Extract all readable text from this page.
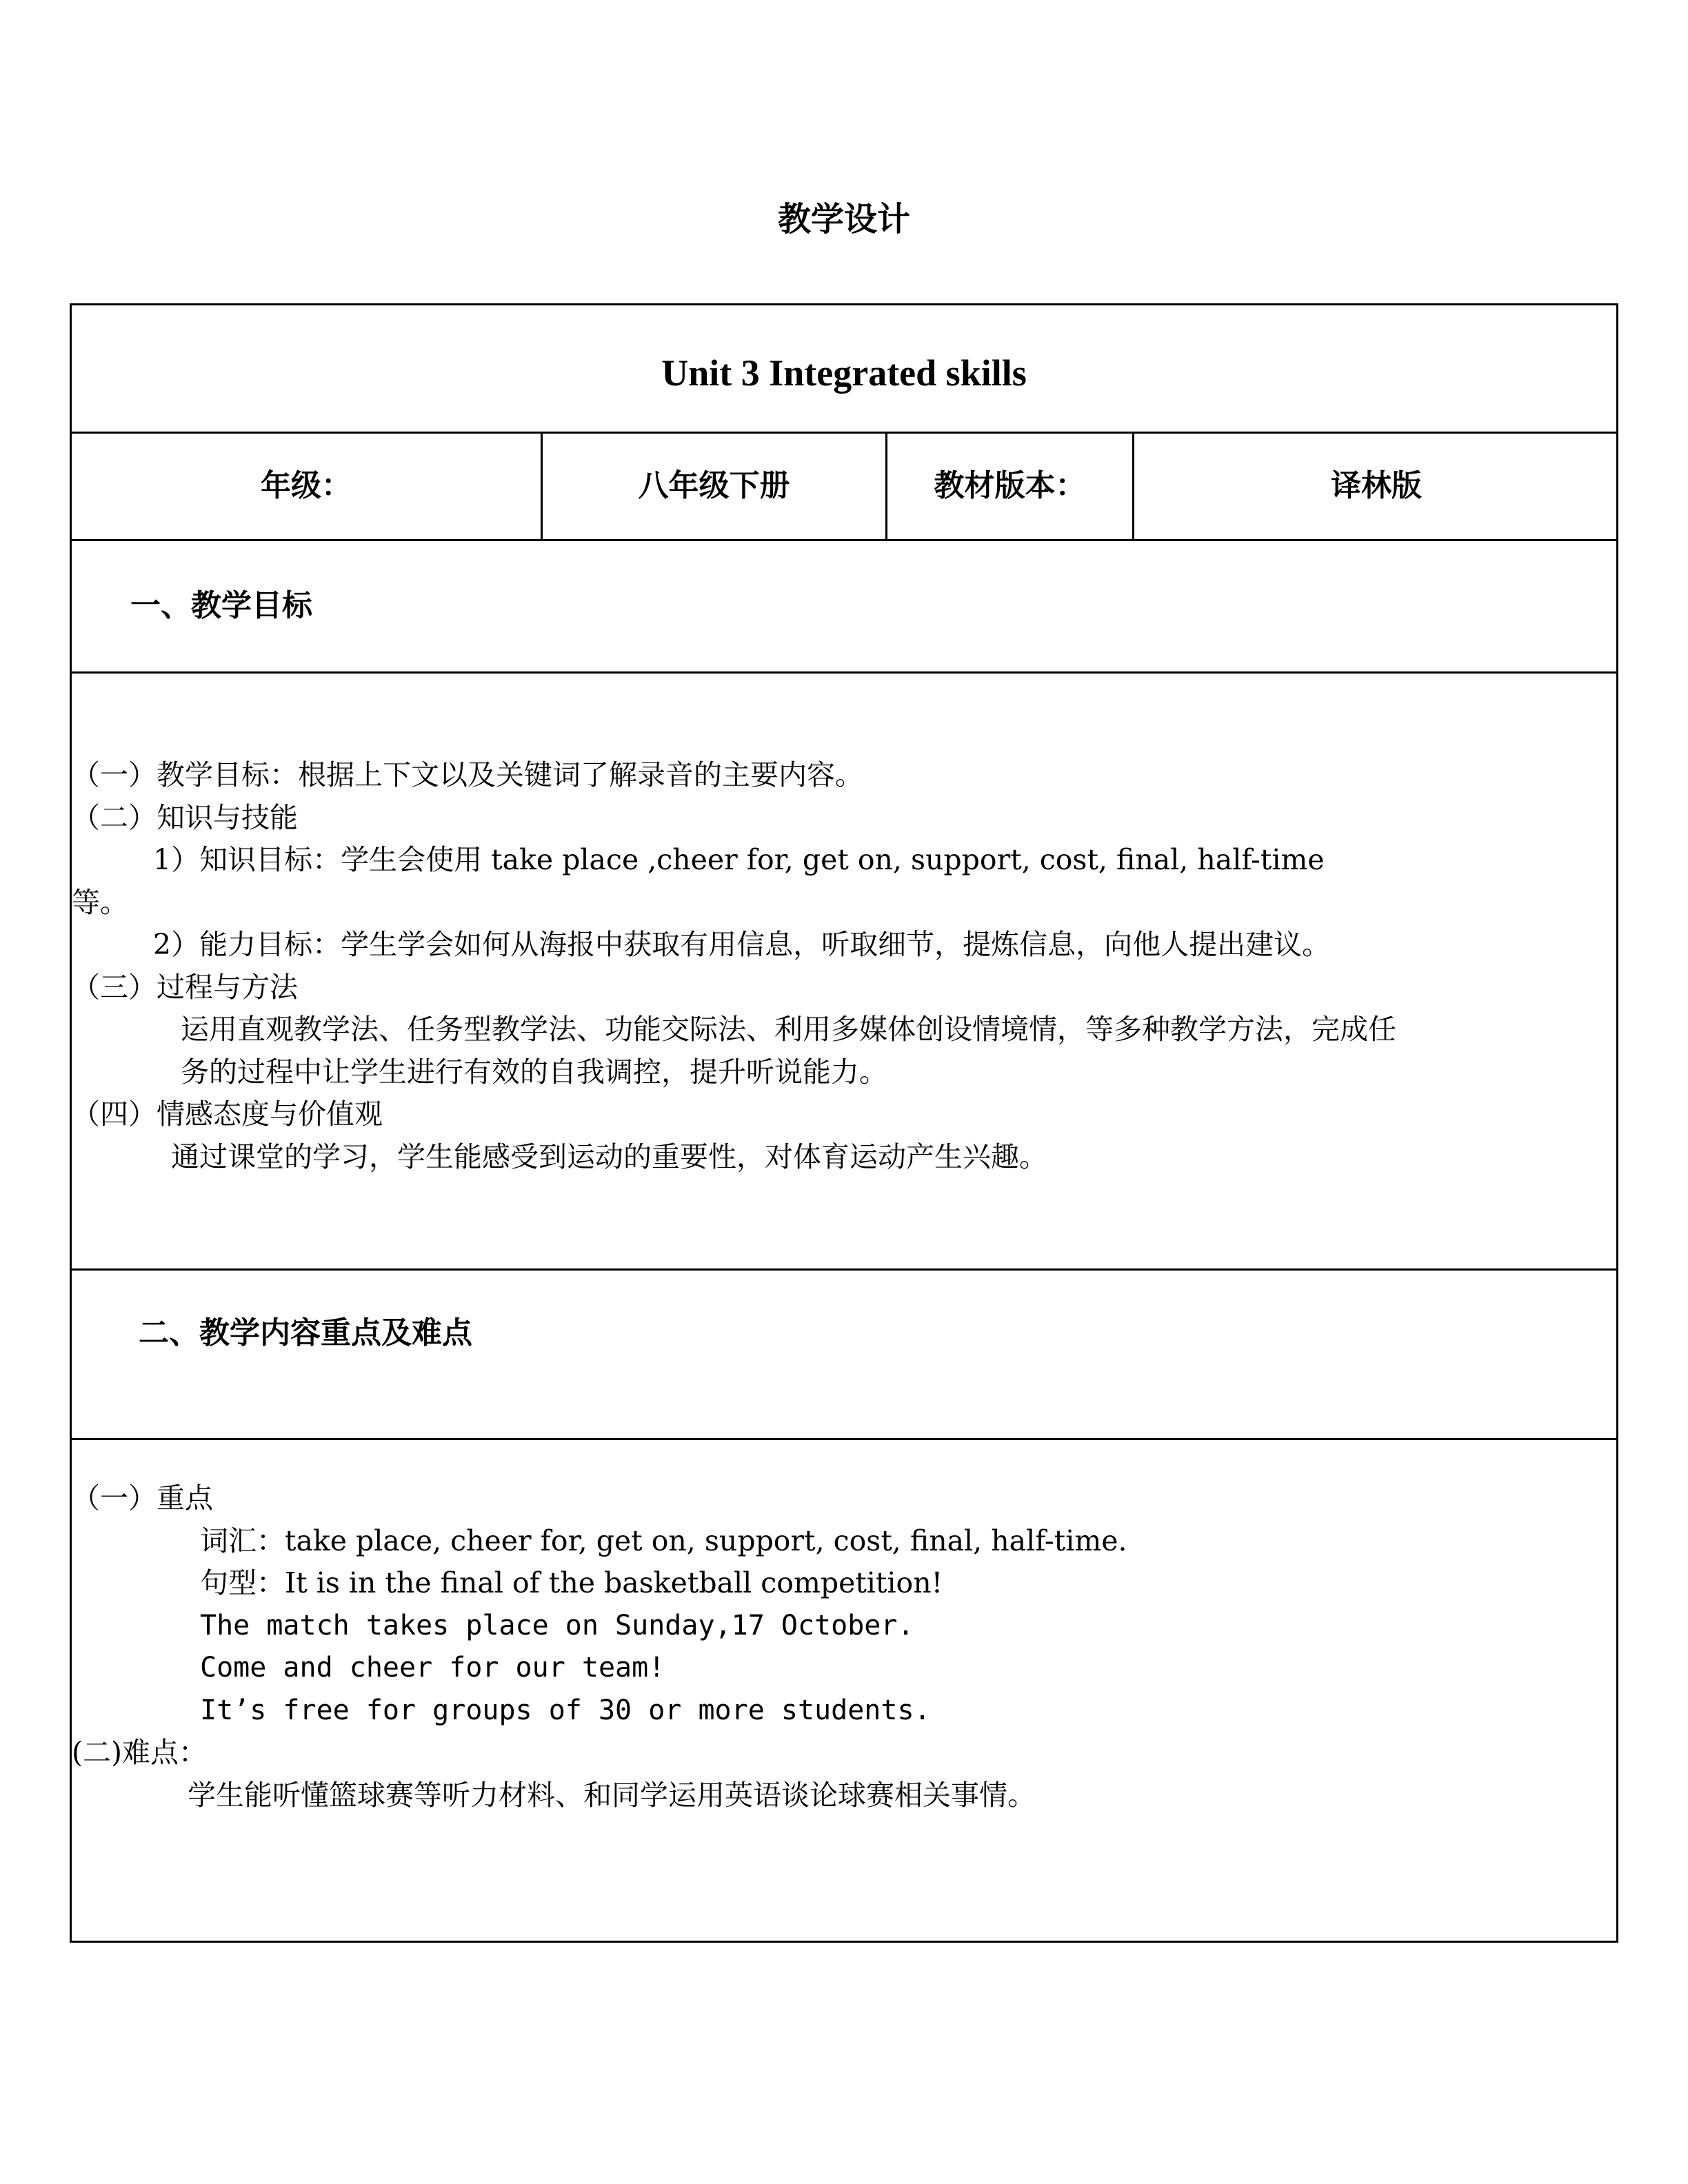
教学设计
Unit 3 Integrated skills
年级：	八年级下册	教材版本：	译林版
一、教学目标
（一）教学目标：根据上下文以及关键词了解录音的主要内容。
（二）知识与技能
1）知识目标：学生会使用 take place ,cheer for, get on, support, cost, final, half-time
等。
2）能力目标：学生学会如何从海报中获取有用信息，听取细节，提炼信息，向他人提出建议。
（三）过程与方法
运用直观教学法、任务型教学法、功能交际法、利用多媒体创设情境情，等多种教学方法，完成任
务的过程中让学生进行有效的自我调控，提升听说能力。
（四）情感态度与价值观
通过课堂的学习，学生能感受到运动的重要性，对体育运动产生兴趣。
二、教学内容重点及难点
（一）重点
词汇：take place, cheer for, get on, support, cost, final, half-time.
句型：It is in the final of the basketball competition!
The match takes place on Sunday,17 October.
Come and cheer for our team!
It’s free for groups of 30 or more students.
(二)难点：
学生能听懂篮球赛等听力材料、和同学运用英语谈论球赛相关事情。
